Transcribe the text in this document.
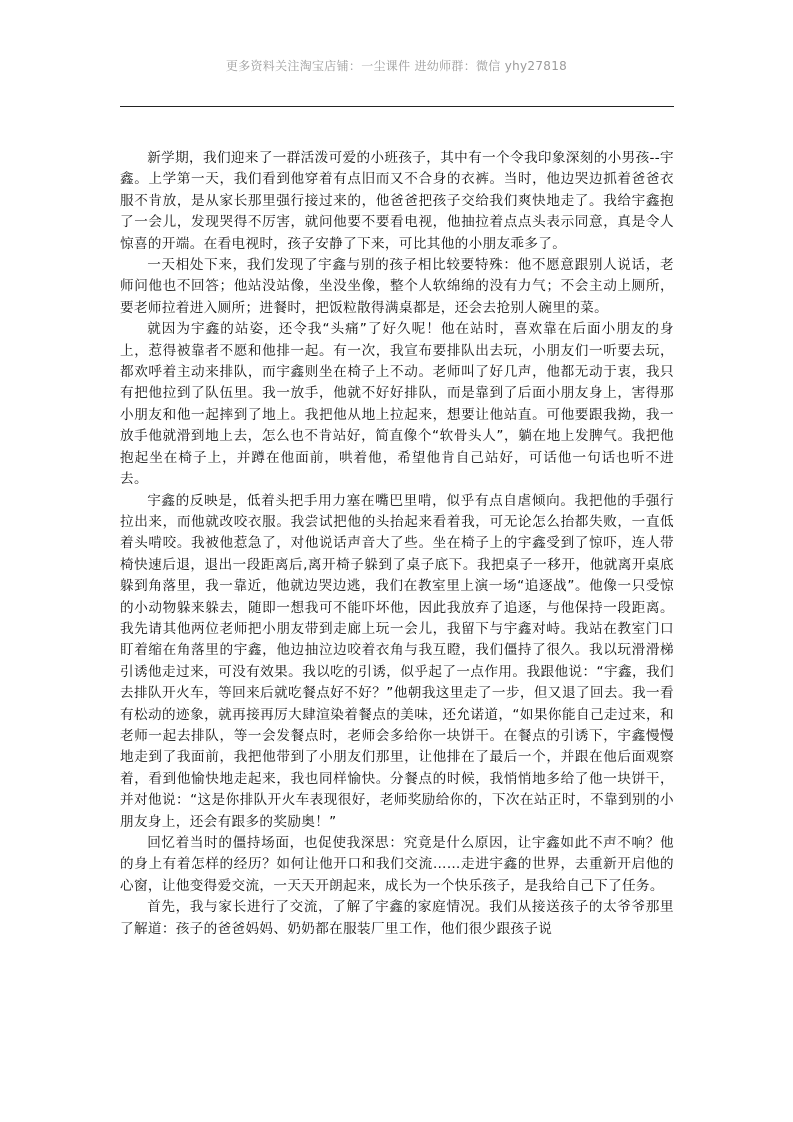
更多资料关注淘宝店铺：一尘课件 进幼师群：微信 yhy27818

新学期，我们迎来了一群活泼可爱的小班孩子，其中有一个令我印象深刻的小男孩--宇鑫。上学第一天，我们看到他穿着有点旧而又不合身的衣裤。当时，他边哭边抓着爸爸衣服不肯放，是从家长那里强行接过来的，他爸爸把孩子交给我们爽快地走了。我给宇鑫抱了一会儿，发现哭得不厉害，就问他要不要看电视，他抽拉着点点头表示同意，真是令人惊喜的开端。在看电视时，孩子安静了下来，可比其他的小朋友乖多了。

一天相处下来，我们发现了宇鑫与别的孩子相比较要特殊：他不愿意跟别人说话，老师问他也不回答；他站没站像，坐没坐像，整个人软绵绵的没有力气；不会主动上厕所，要老师拉着进入厕所；进餐时，把饭粒散得满桌都是，还会去抢别人碗里的菜。

就因为宇鑫的站姿，还令我“头痛”了好久呢！他在站时，喜欢靠在后面小朋友的身上，惹得被靠者不愿和他排一起。有一次，我宣布要排队出去玩，小朋友们一听要去玩，都欢呼着主动来排队，而宇鑫则坐在椅子上不动。老师叫了好几声，他都无动于衷，我只有把他拉到了队伍里。我一放手，他就不好好排队，而是靠到了后面小朋友身上，害得那小朋友和他一起摔到了地上。我把他从地上拉起来，想要让他站直。可他要跟我拗，我一放手他就滑到地上去，怎么也不肯站好，简直像个“软骨头人”，躺在地上发脾气。我把他抱起坐在椅子上，并蹲在他面前，哄着他，希望他肯自己站好，可话他一句话也听不进去。

宇鑫的反映是，低着头把手用力塞在嘴巴里啃，似乎有点自虐倾向。我把他的手强行拉出来，而他就改咬衣服。我尝试把他的头抬起来看着我，可无论怎么抬都失败，一直低着头啃咬。我被他惹急了，对他说话声音大了些。坐在椅子上的宇鑫受到了惊吓，连人带椅快速后退，退出一段距离后,离开椅子躲到了桌子底下。我把桌子一移开，他就离开桌底躲到角落里，我一靠近，他就边哭边逃，我们在教室里上演一场“追逐战”。他像一只受惊的小动物躲来躲去，随即一想我可不能吓坏他，因此我放弃了追逐，与他保持一段距离。我先请其他两位老师把小朋友带到走廊上玩一会儿，我留下与宇鑫对峙。我站在教室门口盯着缩在角落里的宇鑫，他边抽泣边咬着衣角与我互瞪，我们僵持了很久。我以玩滑滑梯引诱他走过来，可没有效果。我以吃的引诱，似乎起了一点作用。我跟他说：“宇鑫，我们去排队开火车，等回来后就吃餐点好不好？”他朝我这里走了一步，但又退了回去。我一看有松动的迹象，就再接再厉大肆渲染着餐点的美味，还允诺道，“如果你能自己走过来，和老师一起去排队，等一会发餐点时，老师会多给你一块饼干。在餐点的引诱下，宇鑫慢慢地走到了我面前，我把他带到了小朋友们那里，让他排在了最后一个，并跟在他后面观察着，看到他愉快地走起来，我也同样愉快。分餐点的时候，我悄悄地多给了他一块饼干，并对他说：“这是你排队开火车表现很好，老师奖励给你的，下次在站正时，不靠到别的小朋友身上，还会有跟多的奖励奥！”

回忆着当时的僵持场面，也促使我深思：究竟是什么原因，让宇鑫如此不声不响？他的身上有着怎样的经历？如何让他开口和我们交流……走进宇鑫的世界，去重新开启他的心窗，让他变得爱交流，一天天开朗起来，成长为一个快乐孩子，是我给自己下了任务。

首先，我与家长进行了交流，了解了宇鑫的家庭情况。我们从接送孩子的太爷爷那里了解道：孩子的爸爸妈妈、奶奶都在服装厂里工作，他们很少跟孩子说
